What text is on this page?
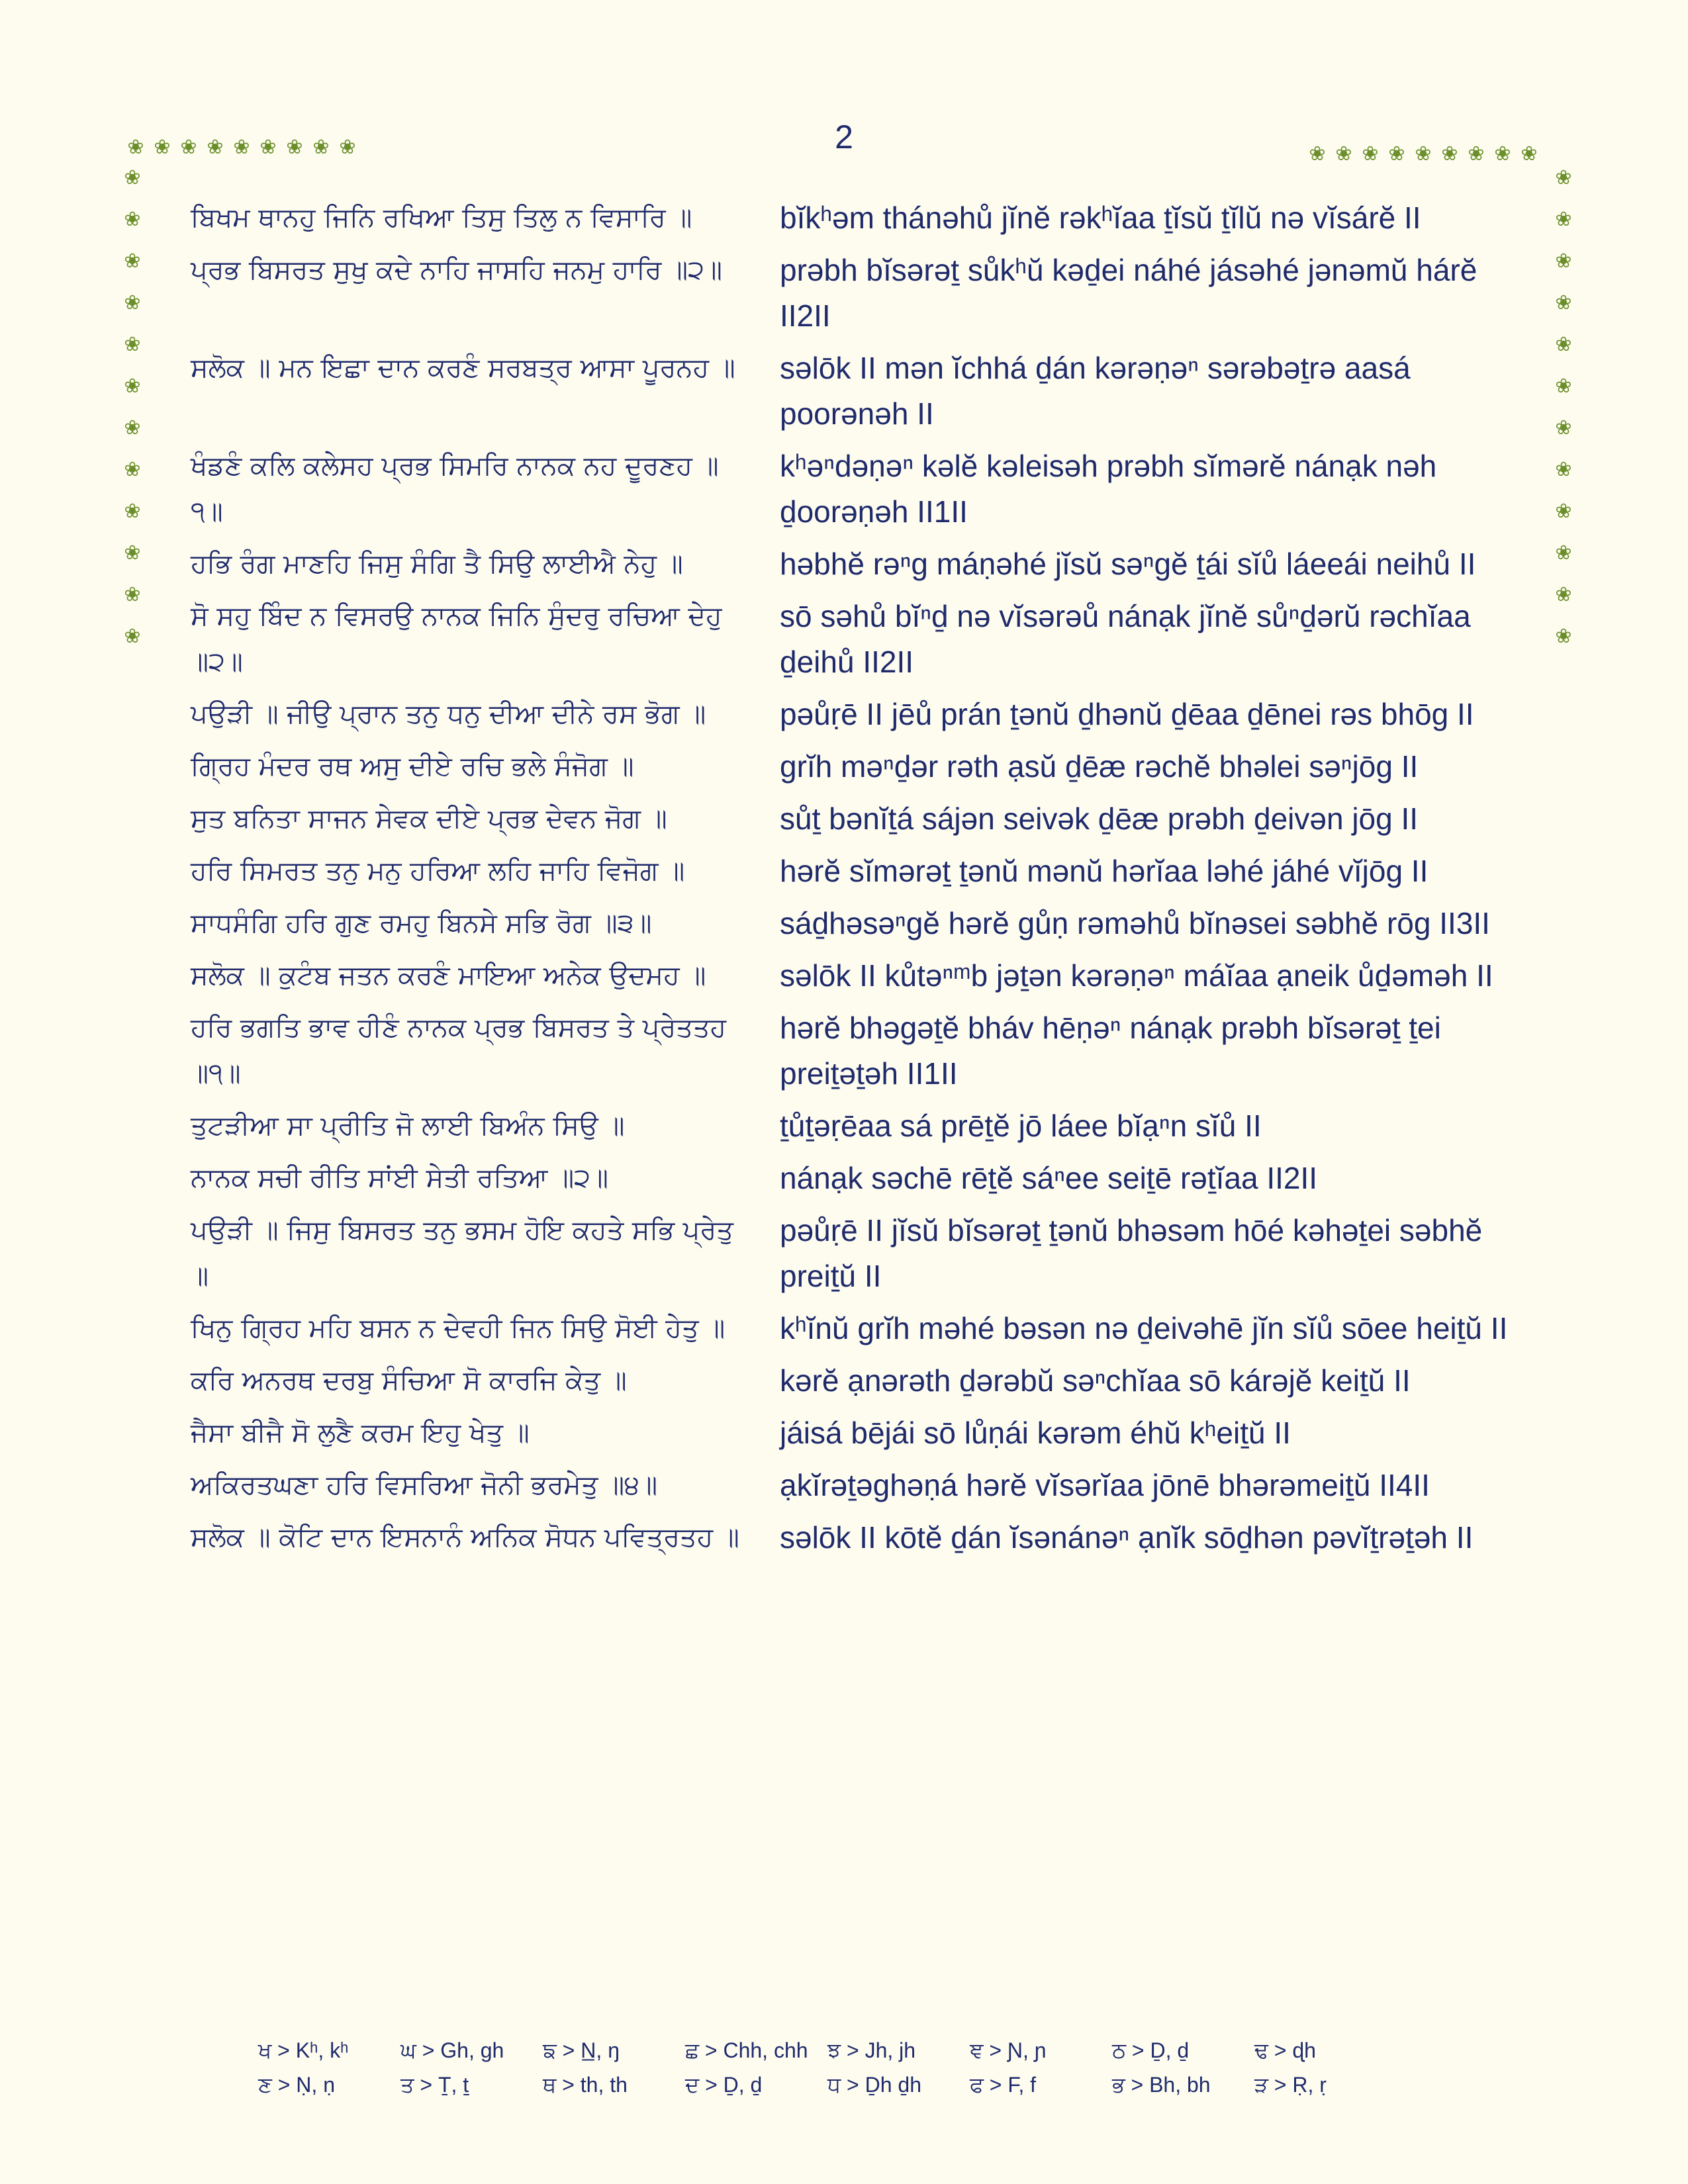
2
❀ ❀ ❀ ❀ ❀ ❀ ❀ ❀ ❀	❀ ❀ ❀ ❀ ❀ ❀ ❀ ❀ ❀
❀
❀
❀
❀
❀
❀
❀
❀
❀
❀
❀
❀
❀
❀
❀
❀
❀
❀
❀
❀
❀
❀
❀
❀
ਬਿਖਮ ਥਾਨਹੁ ਜਿਨਿ ਰਖਿਆ ਤਿਸੁ ਤਿਲੁ ਨ ਵਿਸਾਰਿ ॥	bĭkʰəm thánəhů jĭnĕ rəkʰĭaa ṯĭsŭ ṯĭlŭ nə vĭsárĕ II
ਪ੍ਰਭ ਬਿਸਰਤ ਸੁਖੁ ਕਦੇ ਨਾਹਿ ਜਾਸਹਿ ਜਨਮੁ ਹਾਰਿ ॥੨॥	prəbh bĭsərəṯ sůkʰŭ kəḏei náhé jásəhé jənəmŭ hárĕ II2II
ਸਲੋਕ ॥ ਮਨ ਇਛਾ ਦਾਨ ਕਰਣੰ ਸਰਬਤ੍ਰ ਆਸਾ ਪੂਰਨਹ ॥	səlōk II mən ĭchhá ḏán kərəṇəⁿ sərəbəṯrə aasá poorənəh II
ਖੰਡਣੰ ਕਲਿ ਕਲੇਸਹ ਪ੍ਰਭ ਸਿਮਰਿ ਨਾਨਕ ਨਹ ਦੂਰਣਹ ॥੧॥	kʰəⁿdəṇəⁿ kəlĕ kəleisəh prəbh sĭmərĕ nánạk nəh ḏoorəṇəh II1II
ਹਭਿ ਰੰਗ ਮਾਣਹਿ ਜਿਸੁ ਸੰਗਿ ਤੈ ਸਿਉ ਲਾਈਐ ਨੇਹੁ ॥	həbhĕ rəⁿg máṇəhé jĭsŭ səⁿgĕ ṯái sĭů láeeái neihů II
ਸੋ ਸਹੁ ਬਿੰਦ ਨ ਵਿਸਰਉ ਨਾਨਕ ਜਿਨਿ ਸੁੰਦਰੁ ਰਚਿਆ ਦੇਹੁ ॥੨॥	sō səhů bĭⁿḏ nə vĭsərəů nánạk jĭnĕ sůⁿḏərŭ rəchĭaa ḏeihů II2II
ਪਉੜੀ ॥ ਜੀਉ ਪ੍ਰਾਨ ਤਨੁ ਧਨੁ ਦੀਆ ਦੀਨੇ ਰਸ ਭੋਗ ॥	pəůṛē II jēů prán ṯənŭ ḏhənŭ ḏēaa ḏēnei rəs bhōg II
ਗ੍ਰਿਹ ਮੰਦਰ ਰਥ ਅਸੁ ਦੀਏ ਰਚਿ ਭਲੇ ਸੰਜੋਗ ॥	grĭh məⁿḏər rəth ạsŭ ḏēæ rəchĕ bhəlei səⁿjōg II
ਸੁਤ ਬਨਿਤਾ ਸਾਜਨ ਸੇਵਕ ਦੀਏ ਪ੍ਰਭ ਦੇਵਨ ਜੋਗ ॥	sůṯ bənĭṯá sájən seivək ḏēæ prəbh ḏeivən jōg II
ਹਰਿ ਸਿਮਰਤ ਤਨੁ ਮਨੁ ਹਰਿਆ ਲਹਿ ਜਾਹਿ ਵਿਜੋਗ ॥	hərĕ sĭmərəṯ ṯənŭ mənŭ hərĭaa ləhé jáhé vĭjōg II
ਸਾਧਸੰਗਿ ਹਰਿ ਗੁਣ ਰਮਹੁ ਬਿਨਸੇ ਸਭਿ ਰੋਗ ॥੩॥	sáḏhəsəⁿgĕ hərĕ gůṇ rəməhů bĭnəsei səbhĕ rōg II3II
ਸਲੋਕ ॥ ਕੁਟੰਬ ਜਤਨ ਕਰਣੰ ਮਾਇਆ ਅਨੇਕ ਉਦਮਹ ॥	səlōk II kůtəⁿᵐb jəṯən kərəṇəⁿ máĭaa ạneik ůḏəməh II
ਹਰਿ ਭਗਤਿ ਭਾਵ ਹੀਣੰ ਨਾਨਕ ਪ੍ਰਭ ਬਿਸਰਤ ਤੇ ਪ੍ਰੇਤਤਹ ॥੧॥	hərĕ bhəgəṯĕ bháv hēṇəⁿ nánạk prəbh bĭsərəṯ ṯei preiṯəṯəh II1II
ਤੁਟੜੀਆ ਸਾ ਪ੍ਰੀਤਿ ਜੋ ਲਾਈ ਬਿਅੰਨ ਸਿਉ ॥	ṯůṯəṛēaa sá prēṯĕ jō láee bĭạⁿn sĭů II
ਨਾਨਕ ਸਚੀ ਰੀਤਿ ਸਾਂਈ ਸੇਤੀ ਰਤਿਆ ॥੨॥	nánạk səchē rēṯĕ sáⁿee seiṯē rəṯĭaa II2II
ਪਉੜੀ ॥ ਜਿਸੁ ਬਿਸਰਤ ਤਨੁ ਭਸਮ ਹੋਇ ਕਹਤੇ ਸਭਿ ਪ੍ਰੇਤੁ ॥	pəůṛē II jĭsŭ bĭsərəṯ ṯənŭ bhəsəm hōé kəhəṯei səbhĕ preiṯŭ II
ਖਿਨੁ ਗ੍ਰਿਹ ਮਹਿ ਬਸਨ ਨ ਦੇਵਹੀ ਜਿਨ ਸਿਉ ਸੋਈ ਹੇਤੁ ॥	kʰĭnŭ grĭh məhé bəsən nə ḏeivəhē jĭn sĭů sōee heiṯŭ II
ਕਰਿ ਅਨਰਥ ਦਰਬੁ ਸੰਚਿਆ ਸੋ ਕਾਰਜਿ ਕੇਤੁ ॥	kərĕ ạnərəth ḏərəbŭ səⁿchĭaa sō kárəjĕ keiṯŭ II
ਜੈਸਾ ਬੀਜੈ ਸੋ ਲੁਣੈ ਕਰਮ ਇਹੁ ਖੇਤੁ ॥	jáisá bējái sō lůṇái kərəm éhŭ kʰeiṯŭ II
ਅਕਿਰਤਘਣਾ ਹਰਿ ਵਿਸਰਿਆ ਜੋਨੀ ਭਰਮੇਤੁ ॥੪॥	ạkĭrəṯəghəṇá hərĕ vĭsərĭaa jōnē bhərəmeiṯŭ II4II
ਸਲੋਕ ॥ ਕੋਟਿ ਦਾਨ ਇਸਨਾਨੰ ਅਨਿਕ ਸੋਧਨ ਪਵਿਤ੍ਰਤਹ ॥	səlōk II kōtĕ ḏán ĭsənánəⁿ ạnĭk sōḏhən pəvĭṯrəṯəh II
ਖ > Kʰ, kʰ	ਘ > Gh, gh	ਙ > N̲, ŋ	ਛ > Chh, chh ਝ > Jh, jh	ਞ > Ɲ, ɲ	ਠ > Ḏ, ḏ	ਢ > ɖh
ਣ > Ṇ, ṇ	ਤ > Ṯ, ṯ	ਥ > th, th	ਦ > Ḏ, ḏ	ਧ > Ḏh ḏh	ਫ > F, f	ਭ > Bh, bh	ੜ > Ṛ, ṛ
